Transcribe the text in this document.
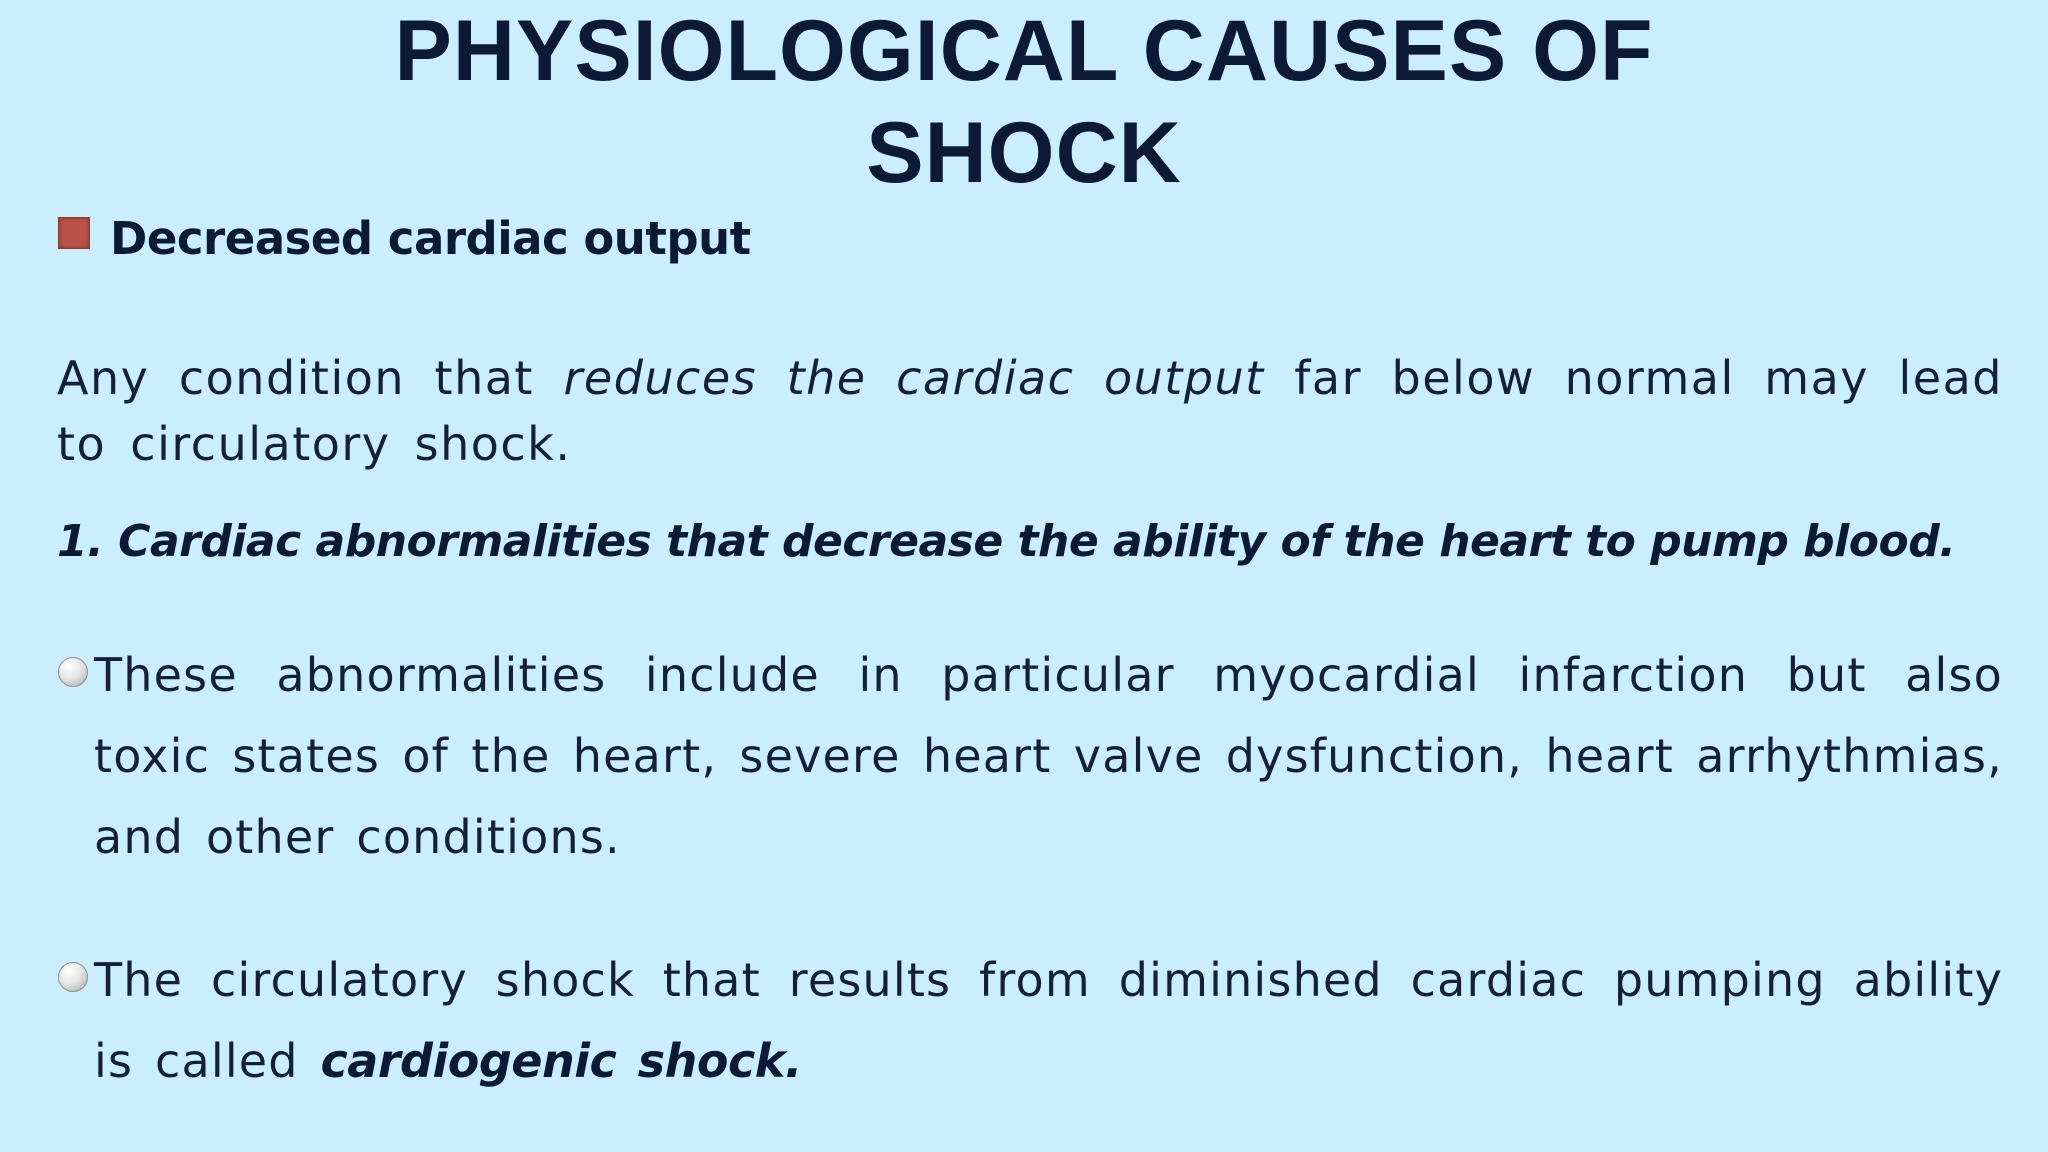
PHYSIOLOGICAL CAUSES OF
SHOCK
Decreased cardiac output

Any condition that reduces the cardiac output far below normal may lead to circulatory shock.

1. Cardiac abnormalities that decrease the ability of the heart to pump blood.

These abnormalities include in particular myocardial infarction but also toxic states of the heart, severe heart valve dysfunction, heart arrhythmias, and other conditions.

The circulatory shock that results from diminished cardiac pumping ability is called cardiogenic shock.
